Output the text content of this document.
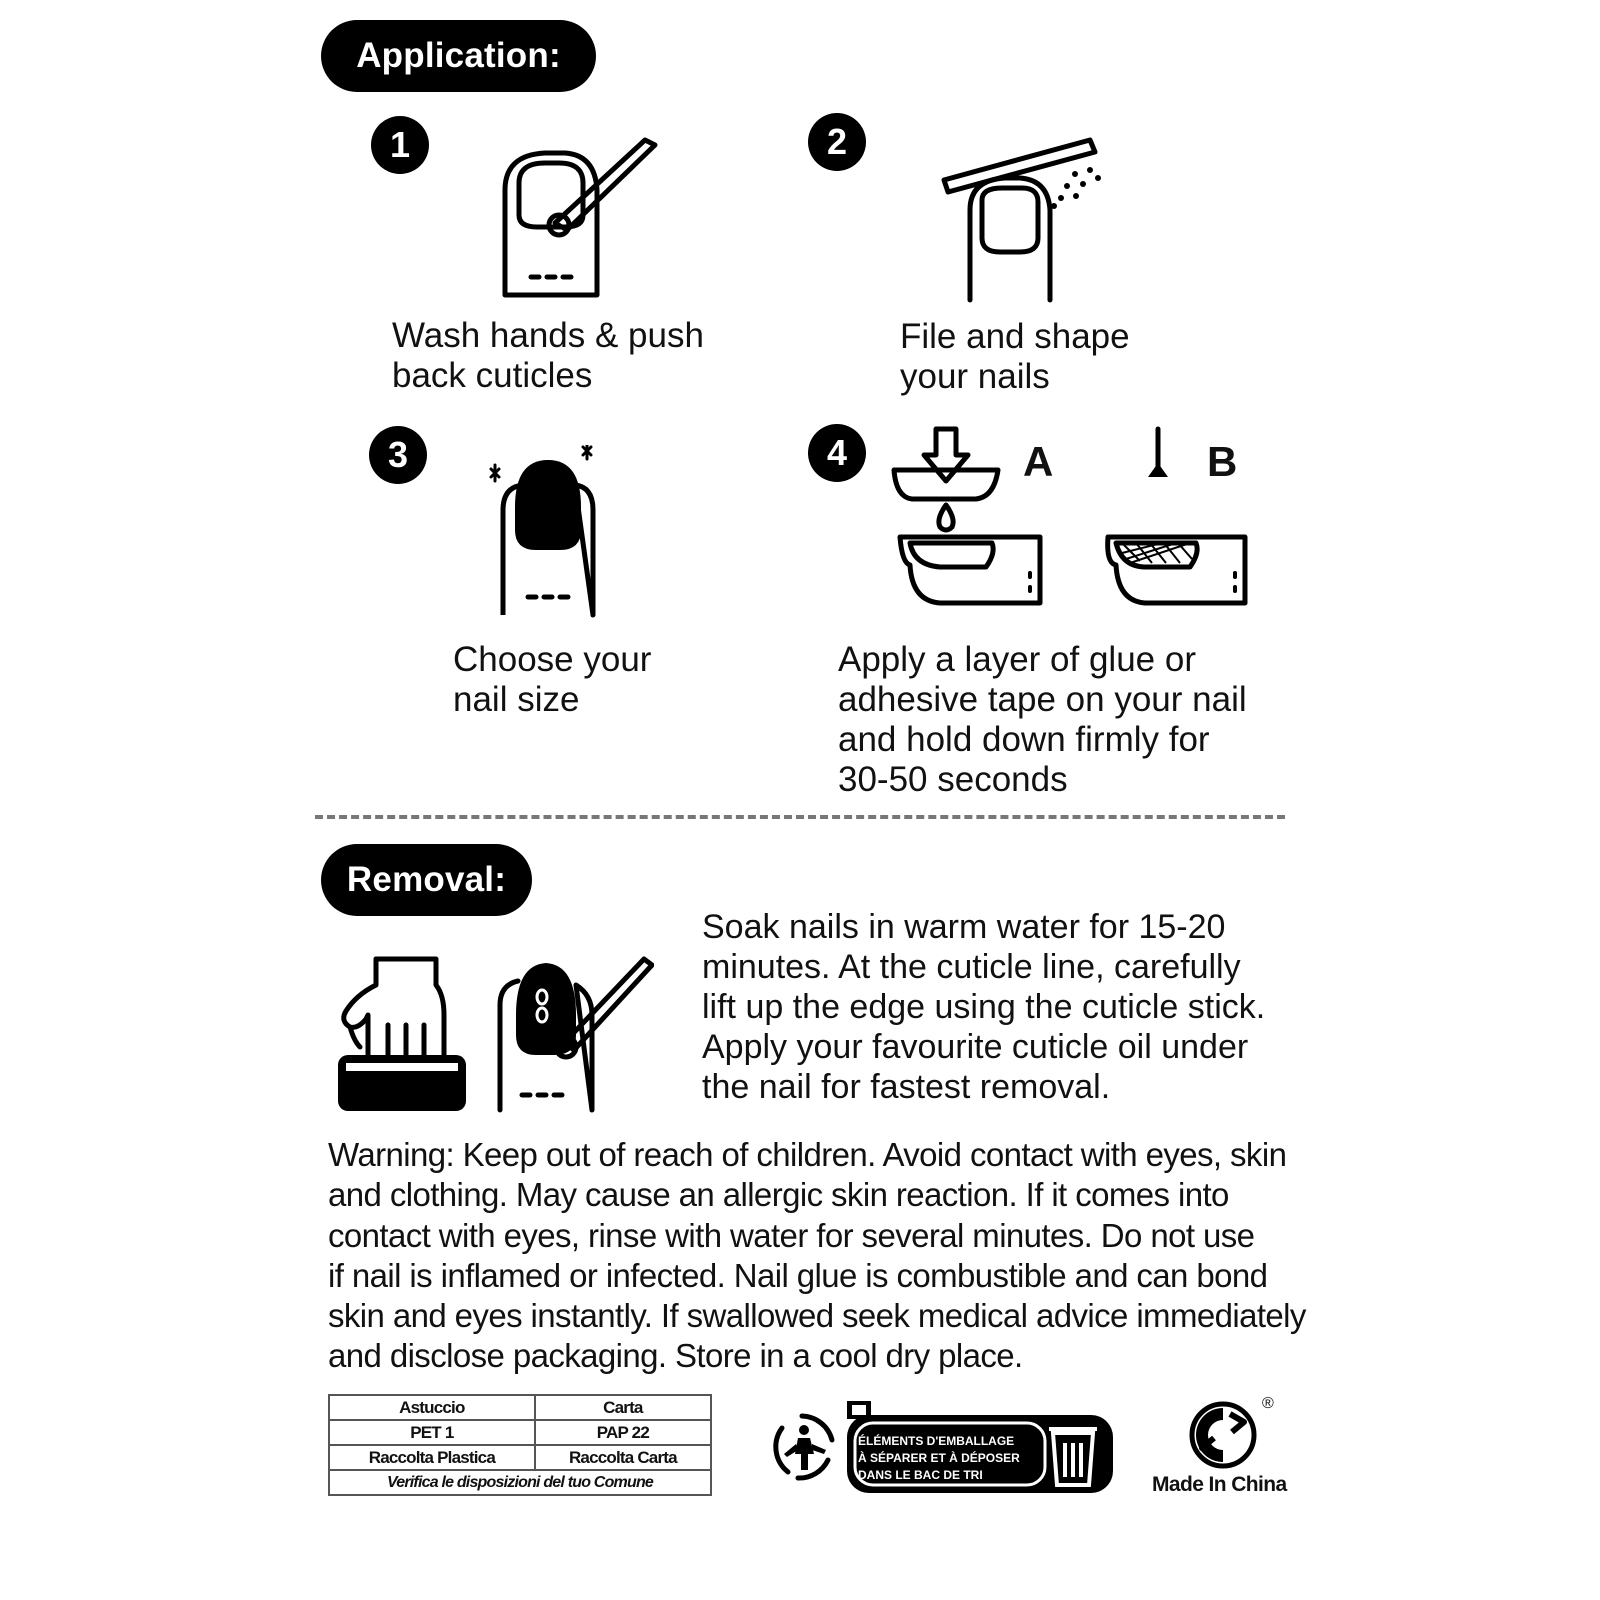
Application:
1
Wash hands & push
back cuticles
2
File and shape
your nails
3
Choose your
nail size
4	A	B
Apply a layer of glue or
adhesive tape on your nail
and hold down firmly for
30-50 seconds
Removal:
Soak nails in warm water for 15-20
minutes. At the cuticle line, carefully
lift up the edge using the cuticle stick.
Apply your favourite cuticle oil under
the nail for fastest removal.
Warning: Keep out of reach of children. Avoid contact with eyes, skin
and clothing. May cause an allergic skin reaction. If it comes into
contact with eyes, rinse with water for several minutes. Do not use
if nail is inflamed or infected. Nail glue is combustible and can bond
skin and eyes instantly. If swallowed seek medical advice immediately
and disclose packaging. Store in a cool dry place.
Astuccio	Carta
PET 1	PAP 22
Raccolta Plastica	Raccolta Carta
Verifica le disposizioni del tuo Comune	
ÉLÉMENTS D'EMBALLAGE
À SÉPARER ET À DÉPOSER
DANS LE BAC DE TRI
®
Made In China
